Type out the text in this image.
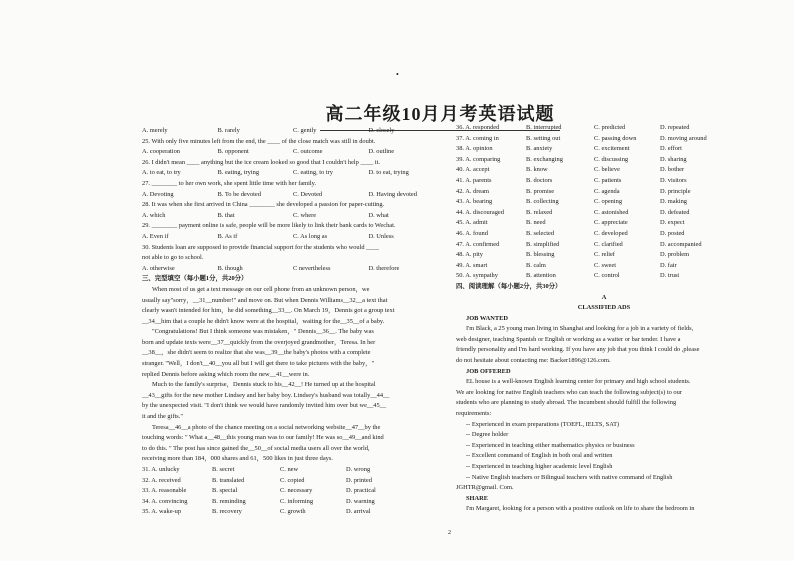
•
高二年级10月月考英语试题
A. merely	B. rarely	C. gently	D. closely
25. With only five minutes left from the end, the ____ of the close match was still in doubt.
A. cooperation	B. opponent	C. outcome	D. outline
26. I didn't mean ____ anything but the ice cream looked so good that I couldn't help ____ it.
A. to eat, to try	B. eating, trying	C. eating, to try	D. to eat, trying
27. ________ to her own work, she spent little time with her family.
A. Devoting	B. To be devoted	C. Devoted	D. Having devoted
28. It was when she first arrived in China ________ she developed a passion for paper-cutting.
A. which	B. that	C. where	D. what
29. ________ payment online is safe, people will be more likely to link their bank cards to Wechat.
A. Even if	B. As if	C. As long as	D. Unless
30. Students loan are supposed to provide financial support for the students who would ____
not able to go to school.
A. otherwise	B. though	C nevertheless	D. therefore
三、完型填空（每小题1分，共20分）
When most of us get a text message on our cell phone from an unknown person，we
usually say"sorry，__31__number!" and move on. But when Dennis Williams__32__a text that
clearly wasn't intended for him，he did something__33__. On March 19，Dennis got a group text
__34__him that a couple he didn't know were at the hospital，waiting for the__35__of a baby.
"Congratulations! But I think someone was mistaken，" Dennis__36__. The baby was
born and update texts were__37__quickly from the overjoyed grandmother，Teresa. In her
__38__，she didn't seem to realize that she was__39__the baby's photos with a complete
stranger. "Well，I don't__40__you all but I will get there to take pictures with the baby，"
replied Dennis before asking which room the new__41__were in.
Much to the family's surprise，Dennis stuck to his__42__! He turned up at the hospital
__43__gifts for the new mother Lindsey and her baby boy. Lindsey's husband was totally__44__
by the unexpected visit. "I don't think we would have randomly invited him over but we__45__
it and the gifts."
Teresa__46__a photo of the chance meeting on a social networking website__47__by the
touching words: " What a__48__this young man was to our family! He was so__49__and kind
to do this. " The post has since gained the__50__of social media users all over the world,
receiving more than 184，000 shares and 61，500 likes in just three days.
31. A. unlucky	B. secret	C. new	D. wrong
32. A. received	B. translated	C. copied	D. printed
33. A. reasonable	B. special	C. necessary	D. practical
34. A. convincing	B. reminding	C. informing	D. warning
35. A. wake-up	B. recovery	C. growth	D. arrival
36. A. responded	B. interrupted	C. predicted	D. repeated
37. A. coming in	B. setting out	C. passing down	D. moving around
38. A. opinion	B. anxiety	C. excitement	D. effort
39. A. comparing	B. exchanging	C. discussing	D. sharing
40. A. accept	B. know	C. believe	D. bother
41. A. parents	B. doctors	C. patients	D. visitors
42. A. dream	B. promise	C. agenda	D. principle
43. A. bearing	B. collecting	C. opening	D. making
44. A. discouraged	B. relaxed	C. astonished	D. defeated
45. A. admit	B. need	C. appreciate	D. expect
46. A. found	B. selected	C. developed	D. posted
47. A. confirmed	B. simplified	C. clarified	D. accompanied
48. A. pity	B. blessing	C. relief	D. problem
49. A. smart	B. calm	C. sweet	D. fair
50. A. sympathy	B. attention	C. control	D. trust
四、阅读理解（每小题2分，共30分）
A
CLASSIFIED ADS
JOB WANTED
I'm Black, a 25 young man living in Shanghai and looking for a job in a variety of fields,
web designer, teaching Spanish or English or working as a waiter or bar tender. I have a
friendly personality and I'm hard working. If you have any job that you think I could do ,please
do not hesitate about contacting me: Backer1896@126.com.
JOB OFFERED
EL house is a well-known English learning center for primary and high school students.
We are looking for native English teachers who can teach the following subject(s) to our
students who are planning to study abroad. The incumbent should fulfill the following
requirements:
-- Experienced in exam preparations (TOEFL, IELTS, SAT)
-- Degree holder
-- Experienced in teaching either mathematics physics or business
-- Excellent command of English in both oral and written
-- Experienced in teaching higher academic level English
-- Native English teachers or Bilingual teachers with native command of English
JGHTR@gmail. Com.
SHARE
I'm Margaret, looking for a person with a positive outlook on life to share the bedroom in
2
